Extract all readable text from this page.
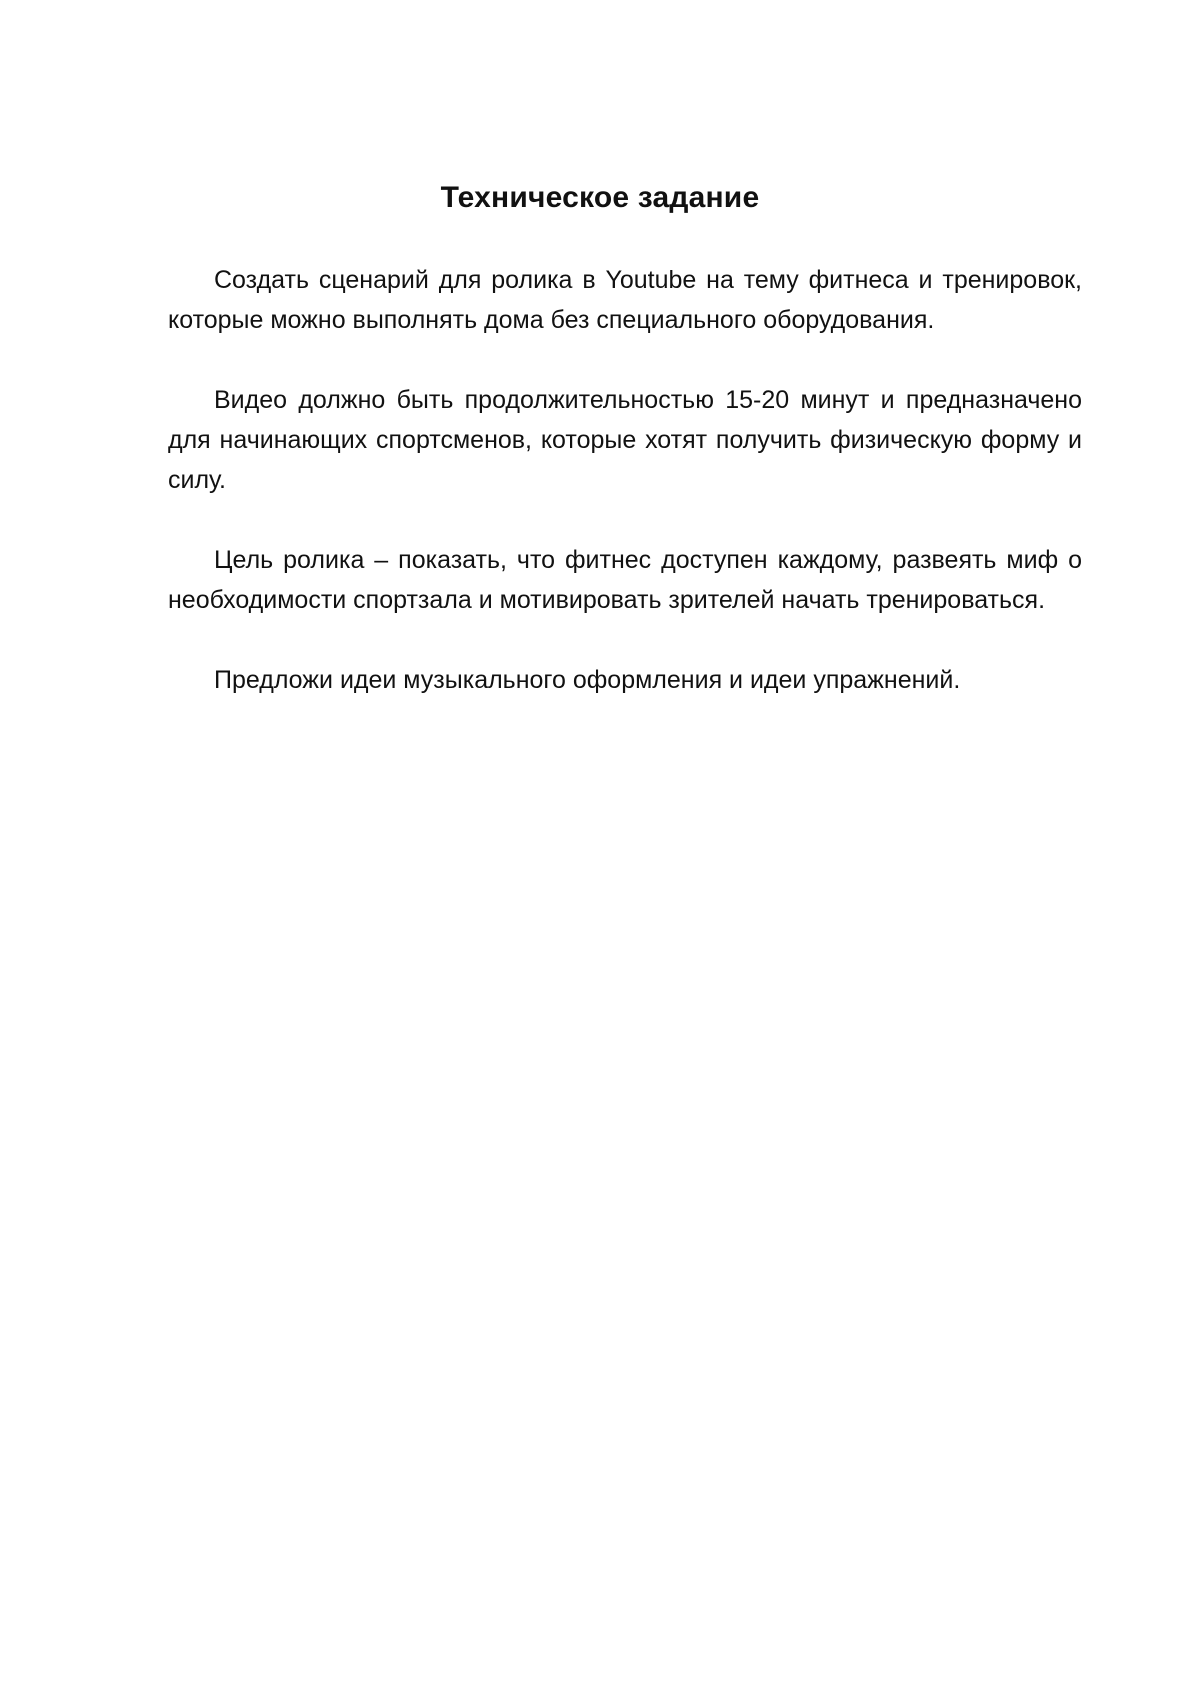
Техническое задание

Создать сценарий для ролика в Youtube на тему фитнеса и тренировок, которые можно выполнять дома без специального оборудования.

Видео должно быть продолжительностью 15-20 минут и предназначено для начинающих спортсменов, которые хотят получить физическую форму и силу.

Цель ролика – показать, что фитнес доступен каждому, развеять миф о необходимости спортзала и мотивировать зрителей начать тренироваться.

Предложи идеи музыкального оформления и идеи упражнений.
